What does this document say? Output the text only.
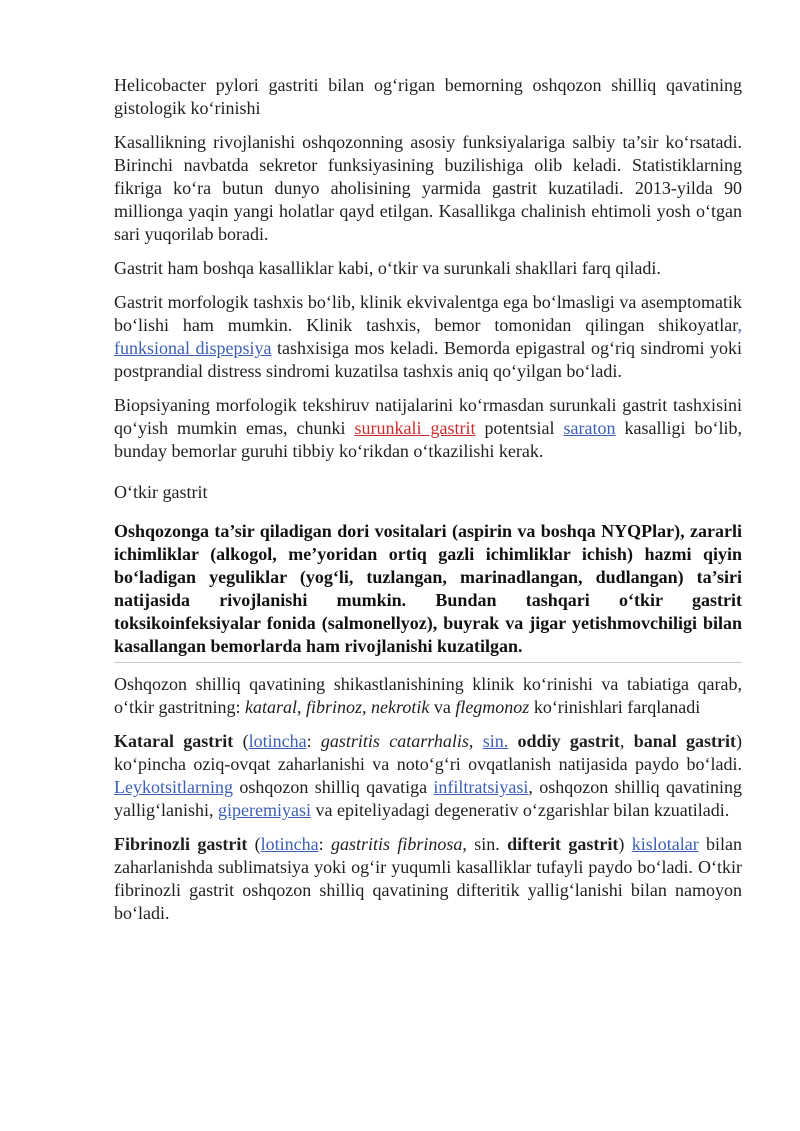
Helicobacter pylori gastriti bilan og‘rigan bemorning oshqozon shilliq qavatining gistologik ko‘rinishi

Kasallikning rivojlanishi oshqozonning asosiy funksiyalariga salbiy ta’sir ko‘rsatadi. Birinchi navbatda sekretor funksiyasining buzilishiga olib keladi. Statistiklarning fikriga ko‘ra butun dunyo aholisining yarmida gastrit kuzatiladi. 2013-yilda 90 millionga yaqin yangi holatlar qayd etilgan. Kasallikga chalinish ehtimoli yosh o‘tgan sari yuqorilab boradi.

Gastrit ham boshqa kasalliklar kabi, o‘tkir va surunkali shakllari farq qiladi.

Gastrit morfologik tashxis bo‘lib, klinik ekvivalentga ega bo‘lmasligi va asemptomatik bo‘lishi ham mumkin. Klinik tashxis, bemor tomonidan qilingan shikoyatlar, funksional dispepsiya tashxisiga mos keladi. Bemorda epigastral og‘riq sindromi yoki postprandial distress sindromi kuzatilsa tashxis aniq qo‘yilgan bo‘ladi.

Biopsiyaning morfologik tekshiruv natijalarini ko‘rmasdan surunkali gastrit tashxisini qo‘yish mumkin emas, chunki surunkali gastrit potentsial saraton kasalligi bo‘lib, bunday bemorlar guruhi tibbiy ko‘rikdan o‘tkazilishi kerak.

O‘tkir gastrit

Oshqozonga ta’sir qiladigan dori vositalari (aspirin va boshqa NYQPlar), zararli ichimliklar (alkogol, me’yoridan ortiq gazli ichimliklar ichish) hazmi qiyin bo‘ladigan yeguliklar (yog‘li, tuzlangan, marinadlangan, dudlangan) ta’siri natijasida rivojlanishi mumkin. Bundan tashqari o‘tkir gastrit toksikoinfeksiyalar fonida (salmonellyoz), buyrak va jigar yetishmovchiligi bilan kasallangan bemorlarda ham rivojlanishi kuzatilgan.

Oshqozon shilliq qavatining shikastlanishining klinik ko‘rinishi va tabiatiga qarab, o‘tkir gastritning: kataral, fibrinoz, nekrotik va flegmonoz ko‘rinishlari farqlanadi

Kataral gastrit (lotincha: gastritis catarrhalis, sin. oddiy gastrit, banal gastrit) ko‘pincha oziq-ovqat zaharlanishi va noto‘g‘ri ovqatlanish natijasida paydo bo‘ladi. Leykotsitlarning oshqozon shilliq qavatiga infiltratsiyasi, oshqozon shilliq qavatining yallig‘lanishi, giperemiyasi va epiteliyadagi degenerativ o‘zgarishlar bilan kzuatiladi.

Fibrinozli gastrit (lotincha: gastritis fibrinosa, sin. difterit gastrit) kislotalar bilan zaharlanishda sublimatsiya yoki og‘ir yuqumli kasalliklar tufayli paydo bo‘ladi. O‘tkir fibrinozli gastrit oshqozon shilliq qavatining difteritik yallig‘lanishi bilan namoyon bo‘ladi.
